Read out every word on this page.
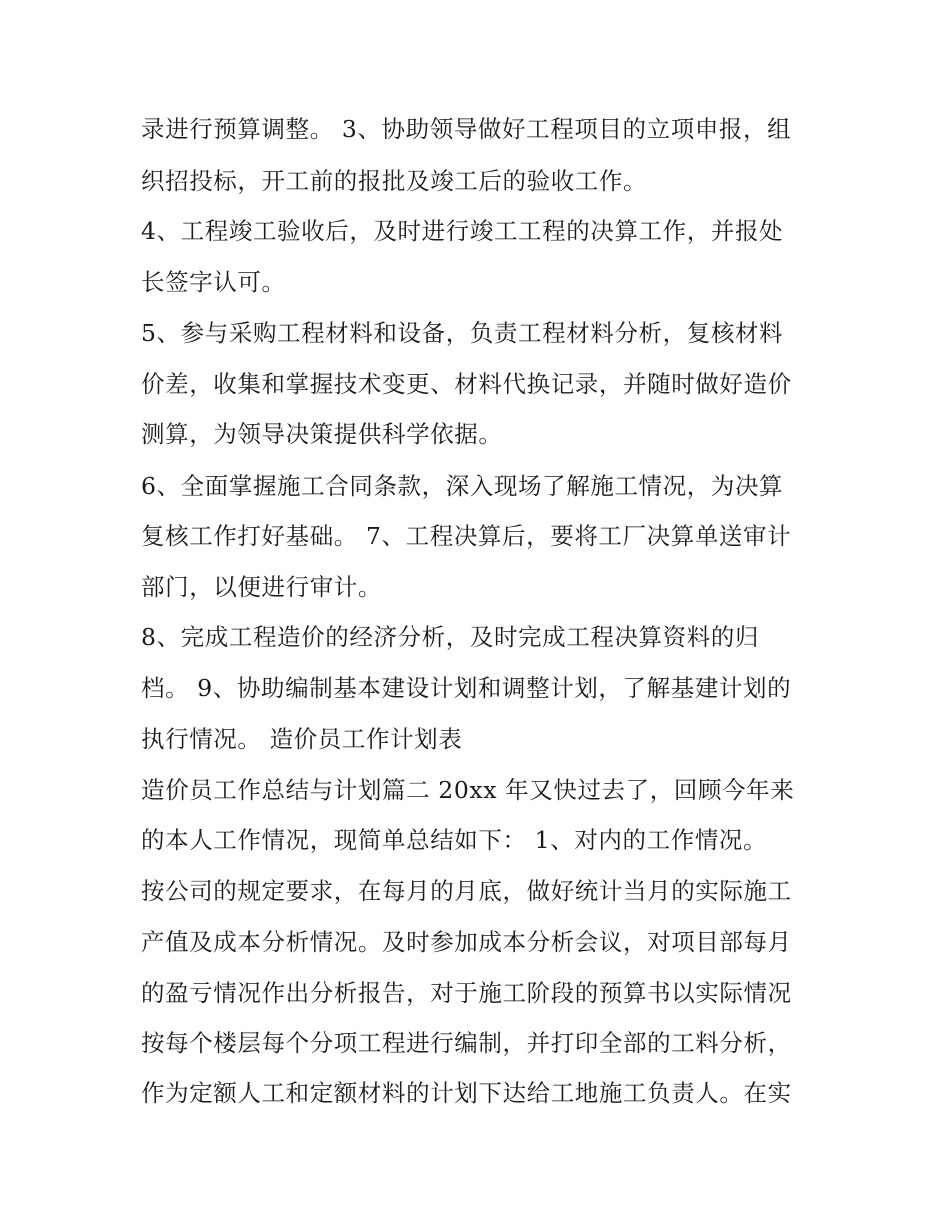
录进行预算调整。 3、协助领导做好工程项目的立项申报，组
织招投标，开工前的报批及竣工后的验收工作。
4、工程竣工验收后，及时进行竣工工程的决算工作，并报处
长签字认可。
5、参与采购工程材料和设备，负责工程材料分析，复核材料
价差，收集和掌握技术变更、材料代换记录，并随时做好造价
测算，为领导决策提供科学依据。
6、全面掌握施工合同条款，深入现场了解施工情况，为决算
复核工作打好基础。 7、工程决算后，要将工厂决算单送审计
部门，以便进行审计。
8、完成工程造价的经济分析，及时完成工程决算资料的归
档。 9、协助编制基本建设计划和调整计划，了解基建计划的
执行情况。 造价员工作计划表
造价员工作总结与计划篇二 20xx 年又快过去了，回顾今年来
的本人工作情况，现简单总结如下： 1、对内的工作情况。
按公司的规定要求，在每月的月底，做好统计当月的实际施工
产值及成本分析情况。及时参加成本分析会议，对项目部每月
的盈亏情况作出分析报告，对于施工阶段的预算书以实际情况
按每个楼层每个分项工程进行编制，并打印全部的工料分析，
作为定额人工和定额材料的计划下达给工地施工负责人。在实
